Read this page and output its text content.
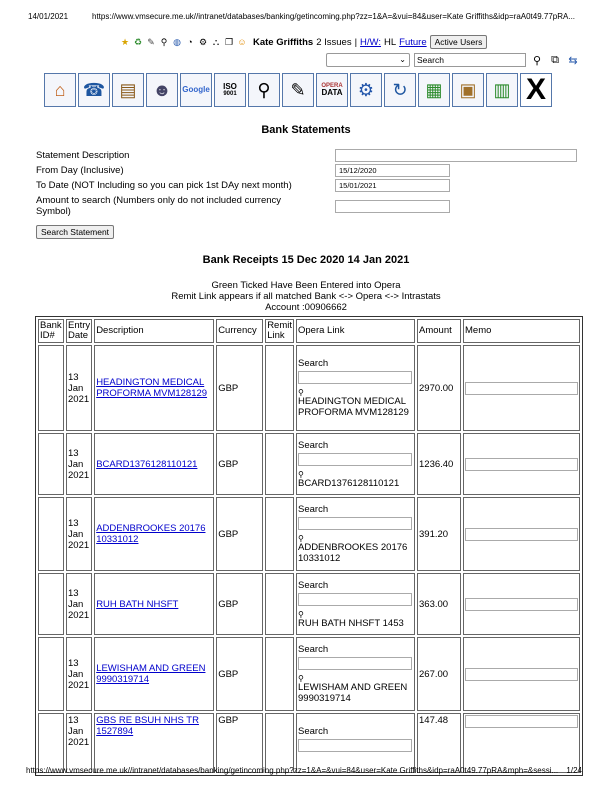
14/01/2021	https://www.vmsecure.me.uk//intranet/databases/banking/getincoming.php?zz=1&A=&vui=84&user=Kate Griffiths&idp=raA0t49.77pRA...
★ ♻ ✎ ⚲ ◍ ◔ ⚙ ⛬ ❐ ☺ Kate Griffiths 2 Issues | H/W: HL Future Active Users
⌄	Search	⚲ ⧉ ⇆
⌂ ☎ ▤ ☻	Google ISO
9001	⚲	✎	OPERA
DATA ⚙	↻ ▦ ▣ ▥ X
Bank Statements
Statement Description
From Day (Inclusive)	15/12/2020
To Date (NOT Including so you can pick 1st DAy next month)	15/01/2021
Amount to search (Numbers only do not included currency Symbol)
Search Statement
Bank Receipts 15 Dec 2020 14 Jan 2021
Green Ticked Have Been Entered into Opera
Remit Link appears if all matched Bank <-> Opera <-> Intrastats
Account :00906662
Bank ID#	Entry Date	Description	Currency	Remit Link	Opera Link	Amount	Memo
	13 Jan 2021	HEADINGTON MEDICAL PROFORMA MVM128129	GBP		Search
⚲
HEADINGTON MEDICAL PROFORMA MVM128129	2970.00	

	13 Jan 2021	BCARD1376128110121	GBP		Search
⚲
BCARD1376128110121	1236.40	

	13 Jan 2021	ADDENBROOKES 20176 10331012	GBP		Search
⚲
ADDENBROOKES 20176 10331012	391.20	

	13 Jan 2021	RUH BATH NHSFT	GBP		Search
⚲
RUH BATH NHSFT 1453	363.00	

	13 Jan 2021	LEWISHAM AND GREEN 9990319714	GBP		Search
⚲
LEWISHAM AND GREEN 9990319714	267.00	

	13 Jan 2021	GBS RE BSUH NHS TR 1527894	GBP		Search	147.48	
https://www.vmsecure.me.uk//intranet/databases/banking/getincoming.php?zz=1&A=&vui=84&user=Kate Griffiths&idp=raA0t49.77pRA&mph=&sessi...	1/24
